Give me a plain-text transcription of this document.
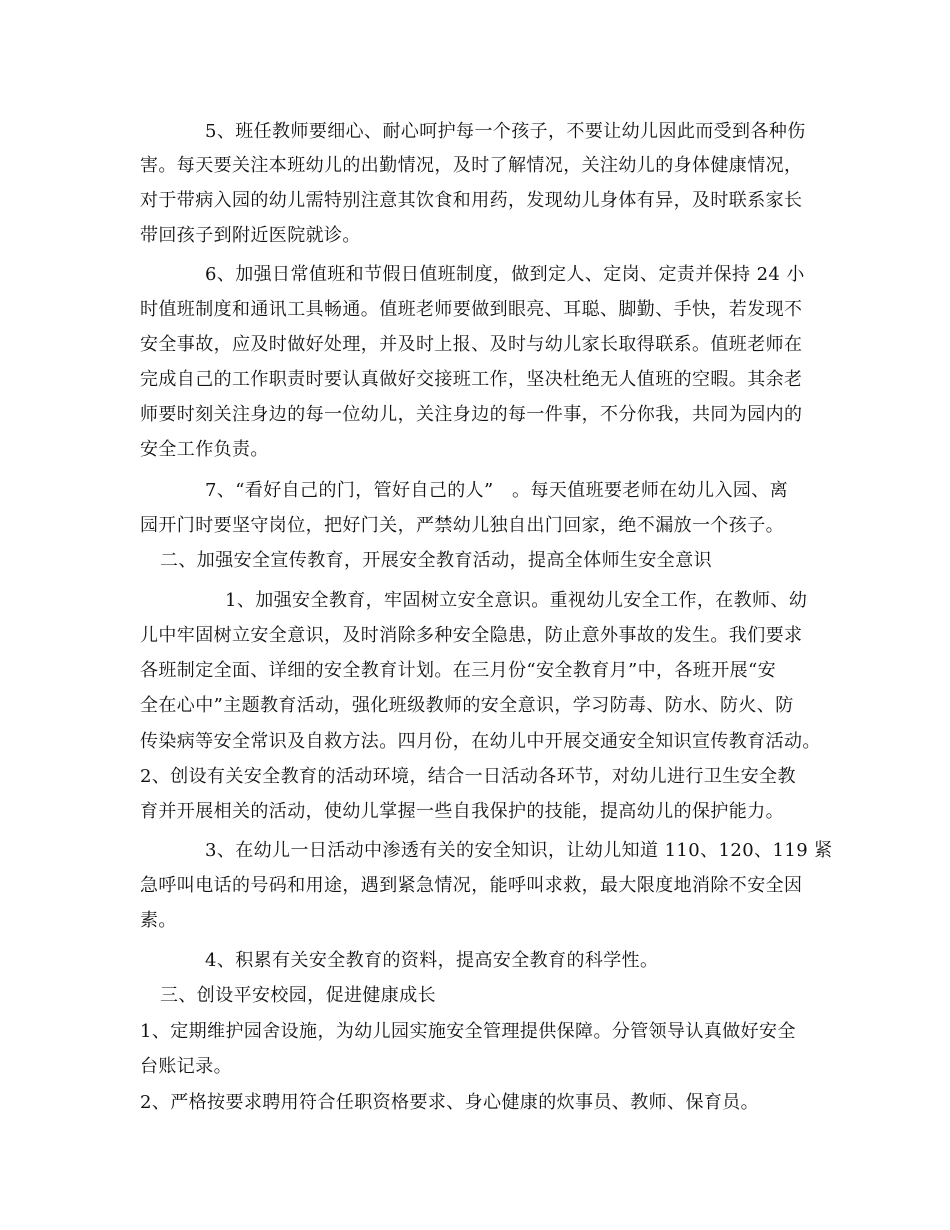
5、班任教师要细心、耐心呵护每一个孩子，不要让幼儿因此而受到各种伤
害。每天要关注本班幼儿的出勤情况，及时了解情况，关注幼儿的身体健康情况，
对于带病入园的幼儿需特别注意其饮食和用药，发现幼儿身体有异，及时联系家长
带回孩子到附近医院就诊。
6、加强日常值班和节假日值班制度，做到定人、定岗、定责并保持 24 小
时值班制度和通讯工具畅通。值班老师要做到眼亮、耳聪、脚勤、手快，若发现不
安全事故，应及时做好处理，并及时上报、及时与幼儿家长取得联系。值班老师在
完成自己的工作职责时要认真做好交接班工作，坚决杜绝无人值班的空暇。其余老
师要时刻关注身边的每一位幼儿，关注身边的每一件事，不分你我，共同为园内的
安全工作负责。
7、“看好自己的门，管好自己的人”　。每天值班要老师在幼儿入园、离
园开门时要坚守岗位，把好门关，严禁幼儿独自出门回家，绝不漏放一个孩子。
二、加强安全宣传教育，开展安全教育活动，提高全体师生安全意识
1、加强安全教育，牢固树立安全意识。重视幼儿安全工作，在教师、幼
儿中牢固树立安全意识，及时消除多种安全隐患，防止意外事故的发生。我们要求
各班制定全面、详细的安全教育计划。在三月份“安全教育月”中，各班开展“安
全在心中”主题教育活动，强化班级教师的安全意识，学习防毒、防水、防火、防
传染病等安全常识及自救方法。四月份，在幼儿中开展交通安全知识宣传教育活动。
2、创设有关安全教育的活动环境，结合一日活动各环节，对幼儿进行卫生安全教
育并开展相关的活动，使幼儿掌握一些自我保护的技能，提高幼儿的保护能力。
3、在幼儿一日活动中渗透有关的安全知识，让幼儿知道 110、120、119 紧
急呼叫电话的号码和用途，遇到紧急情况，能呼叫求救，最大限度地消除不安全因
素。
4、积累有关安全教育的资料，提高安全教育的科学性。
三、创设平安校园，促进健康成长
1、定期维护园舍设施，为幼儿园实施安全管理提供保障。分管领导认真做好安全
台账记录。
2、严格按要求聘用符合任职资格要求、身心健康的炊事员、教师、保育员。
